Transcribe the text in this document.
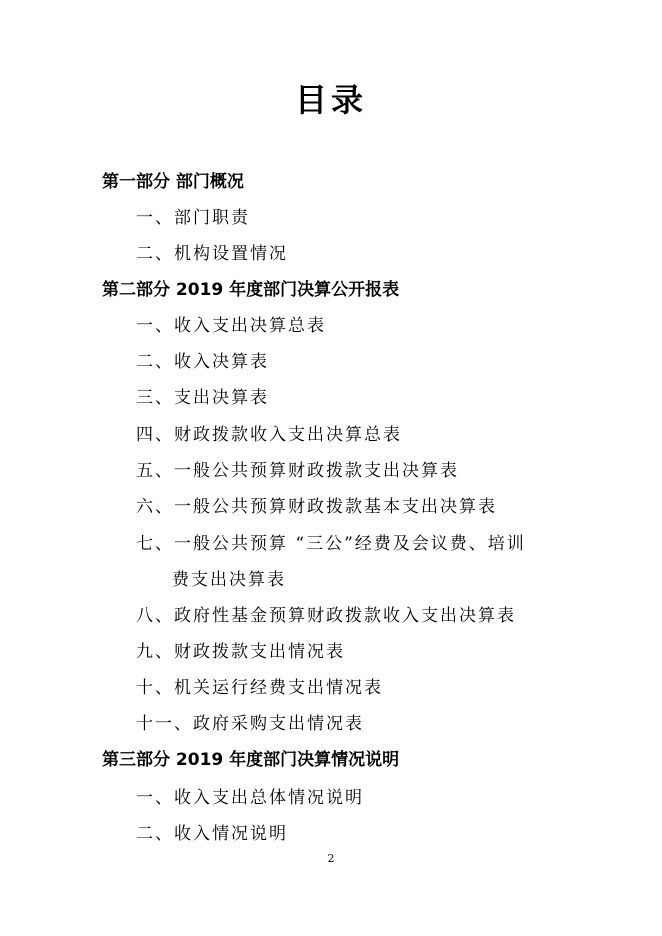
目录
第一部分 部门概况
一、部门职责
二、机构设置情况
第二部分 2019 年度部门决算公开报表
一、收入支出决算总表
二、收入决算表
三、支出决算表
四、财政拨款收入支出决算总表
五、一般公共预算财政拨款支出决算表
六、一般公共预算财政拨款基本支出决算表
七、一般公共预算 “三公”经费及会议费、培训
费支出决算表
八、政府性基金预算财政拨款收入支出决算表
九、财政拨款支出情况表
十、机关运行经费支出情况表
十一、政府采购支出情况表
第三部分 2019 年度部门决算情况说明
一、收入支出总体情况说明
二、收入情况说明
2
